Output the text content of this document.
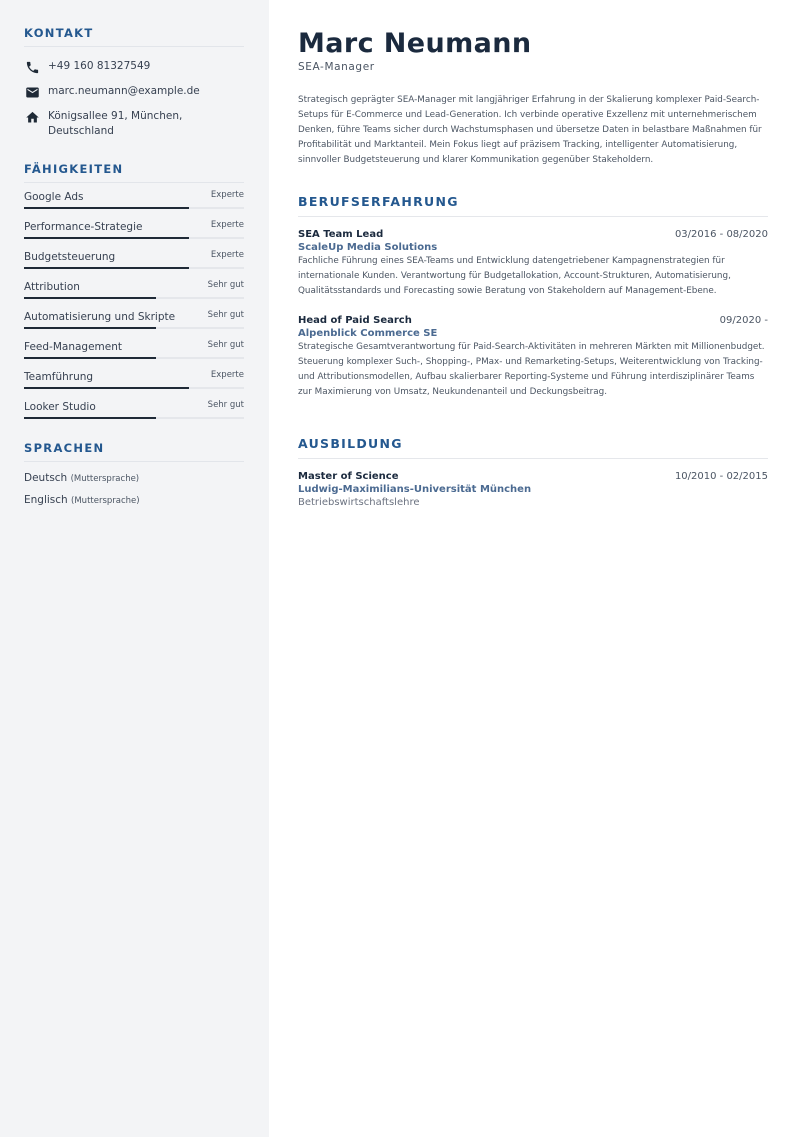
KONTAKT
+49 160 81327549
marc.neumann@example.de
Königsallee 91, München, Deutschland
FÄHIGKEITEN
Google Ads	Experte
Performance-Strategie	Experte
Budgetsteuerung	Experte
Attribution	Sehr gut
Automatisierung und Skripte	Sehr gut
Feed-Management	Sehr gut
Teamführung	Experte
Looker Studio	Sehr gut
SPRACHEN
Deutsch (Muttersprache)
Englisch (Muttersprache)
Marc Neumann
SEA-Manager

Strategisch geprägter SEA-Manager mit langjähriger Erfahrung in der Skalierung komplexer Paid-Search-Setups für E-Commerce und Lead-Generation. Ich verbinde operative Exzellenz mit unternehmerischem Denken, führe Teams sicher durch Wachstumsphasen und übersetze Daten in belastbare Maßnahmen für Profitabilität und Marktanteil. Mein Fokus liegt auf präzisem Tracking, intelligenter Automatisierung, sinnvoller Budgetsteuerung und klarer Kommunikation gegenüber Stakeholdern.

BERUFSERFAHRUNG
SEA Team Lead	03/2016 - 08/2020
ScaleUp Media Solutions
Fachliche Führung eines SEA-Teams und Entwicklung datengetriebener Kampagnenstrategien für internationale Kunden. Verantwortung für Budgetallokation, Account-Strukturen, Automatisierung, Qualitätsstandards und Forecasting sowie Beratung von Stakeholdern auf Management-Ebene.
Head of Paid Search	09/2020 -
Alpenblick Commerce SE
Strategische Gesamtverantwortung für Paid-Search-Aktivitäten in mehreren Märkten mit Millionenbudget. Steuerung komplexer Such-, Shopping-, PMax- und Remarketing-Setups, Weiterentwicklung von Tracking- und Attributionsmodellen, Aufbau skalierbarer Reporting-Systeme und Führung interdisziplinärer Teams zur Maximierung von Umsatz, Neukundenanteil und Deckungsbeitrag.
AUSBILDUNG
Master of Science	10/2010 - 02/2015
Ludwig-Maximilians-Universität München
Betriebswirtschaftslehre
